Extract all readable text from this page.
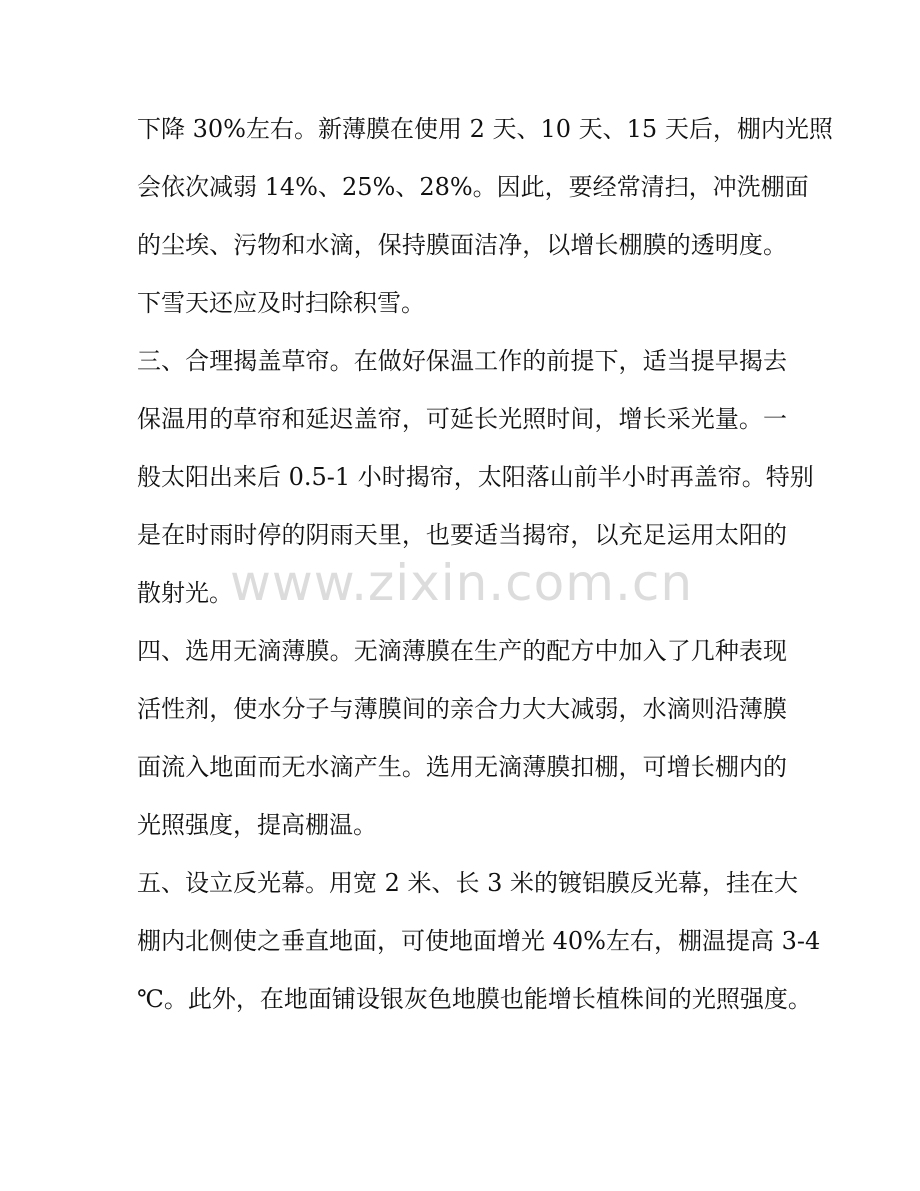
下降 30%左右。新薄膜在使用 2 天、10 天、15 天后，棚内光照
会依次减弱 14%、25%、28%。因此，要经常清扫，冲洗棚面
的尘埃、污物和水滴，保持膜面洁净，以增长棚膜的透明度。
下雪天还应及时扫除积雪。
三、合理揭盖草帘。在做好保温工作的前提下，适当提早揭去
保温用的草帘和延迟盖帘，可延长光照时间，增长采光量。一
般太阳出来后 0.5-1 小时揭帘，太阳落山前半小时再盖帘。特别
是在时雨时停的阴雨天里，也要适当揭帘，以充足运用太阳的
散射光。
四、选用无滴薄膜。无滴薄膜在生产的配方中加入了几种表现
活性剂，使水分子与薄膜间的亲合力大大减弱，水滴则沿薄膜
面流入地面而无水滴产生。选用无滴薄膜扣棚，可增长棚内的
光照强度，提高棚温。
五、设立反光幕。用宽 2 米、长 3 米的镀铝膜反光幕，挂在大
棚内北侧使之垂直地面，可使地面增光 40%左右，棚温提高 3-4
℃。此外，在地面铺设银灰色地膜也能增长植株间的光照强度。
www.zixin.com.cn
